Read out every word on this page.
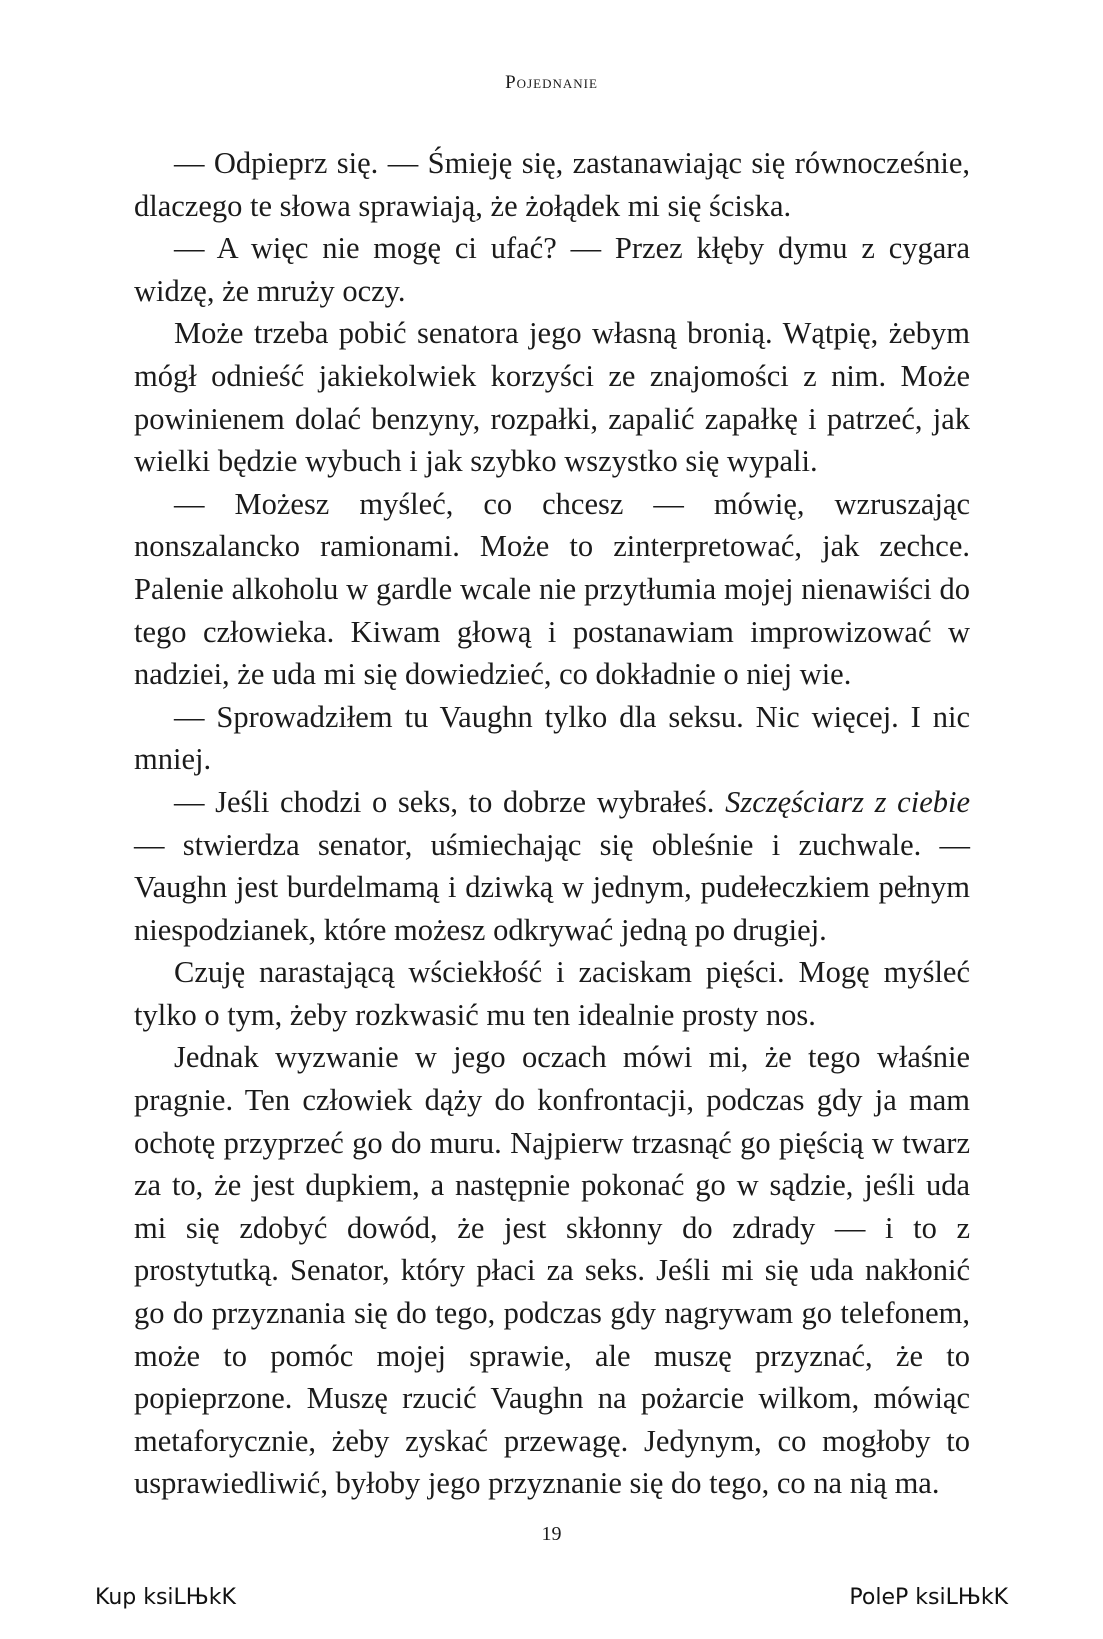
Pojednanie

— Odpieprz się. — Śmieję się, zastanawiając się równocześnie, dlaczego te słowa sprawiają, że żołądek mi się ściska.

— A więc nie mogę ci ufać? — Przez kłęby dymu z cygara widzę, że mruży oczy.

Może trzeba pobić senatora jego własną bronią. Wątpię, żebym mógł odnieść jakiekolwiek korzyści ze znajomości z nim. Może powinienem dolać benzyny, rozpałki, zapalić zapałkę i patrzeć, jak wielki będzie wybuch i jak szybko wszystko się wypali.

— Możesz myśleć, co chcesz — mówię, wzruszając nonszalancko ramionami. Może to zinterpretować, jak zechce. Palenie alkoholu w gardle wcale nie przytłumia mojej nienawiści do tego człowieka. Kiwam głową i postanawiam improwizować w nadziei, że uda mi się dowiedzieć, co dokładnie o niej wie.

— Sprowadziłem tu Vaughn tylko dla seksu. Nic więcej. I nic mniej.

— Jeśli chodzi o seks, to dobrze wybrałeś. Szczęściarz z ciebie — stwierdza senator, uśmiechając się obleśnie i zuchwale. — Vaughn jest burdelmamą i dziwką w jednym, pudełeczkiem pełnym niespodzianek, które możesz odkrywać jedną po drugiej.

Czuję narastającą wściekłość i zaciskam pięści. Mogę myśleć tylko o tym, żeby rozkwasić mu ten idealnie prosty nos.

Jednak wyzwanie w jego oczach mówi mi, że tego właśnie pragnie. Ten człowiek dąży do konfrontacji, podczas gdy ja mam ochotę przyprzeć go do muru. Najpierw trzasnąć go pięścią w twarz za to, że jest dupkiem, a następnie pokonać go w sądzie, jeśli uda mi się zdobyć dowód, że jest skłonny do zdrady — i to z prostytutką. Senator, który płaci za seks. Jeśli mi się uda nakłonić go do przyznania się do tego, podczas gdy nagrywam go telefonem, może to pomóc mojej sprawie, ale muszę przyznać, że to popieprzone. Muszę rzucić Vaughn na pożarcie wilkom, mówiąc metaforycznie, żeby zyskać przewagę. Jedynym, co mogłoby to usprawiedliwić, byłoby jego przyznanie się do tego, co na nią ma.

19
Kup ksiLЊkK	PoleP ksiLЊkK
